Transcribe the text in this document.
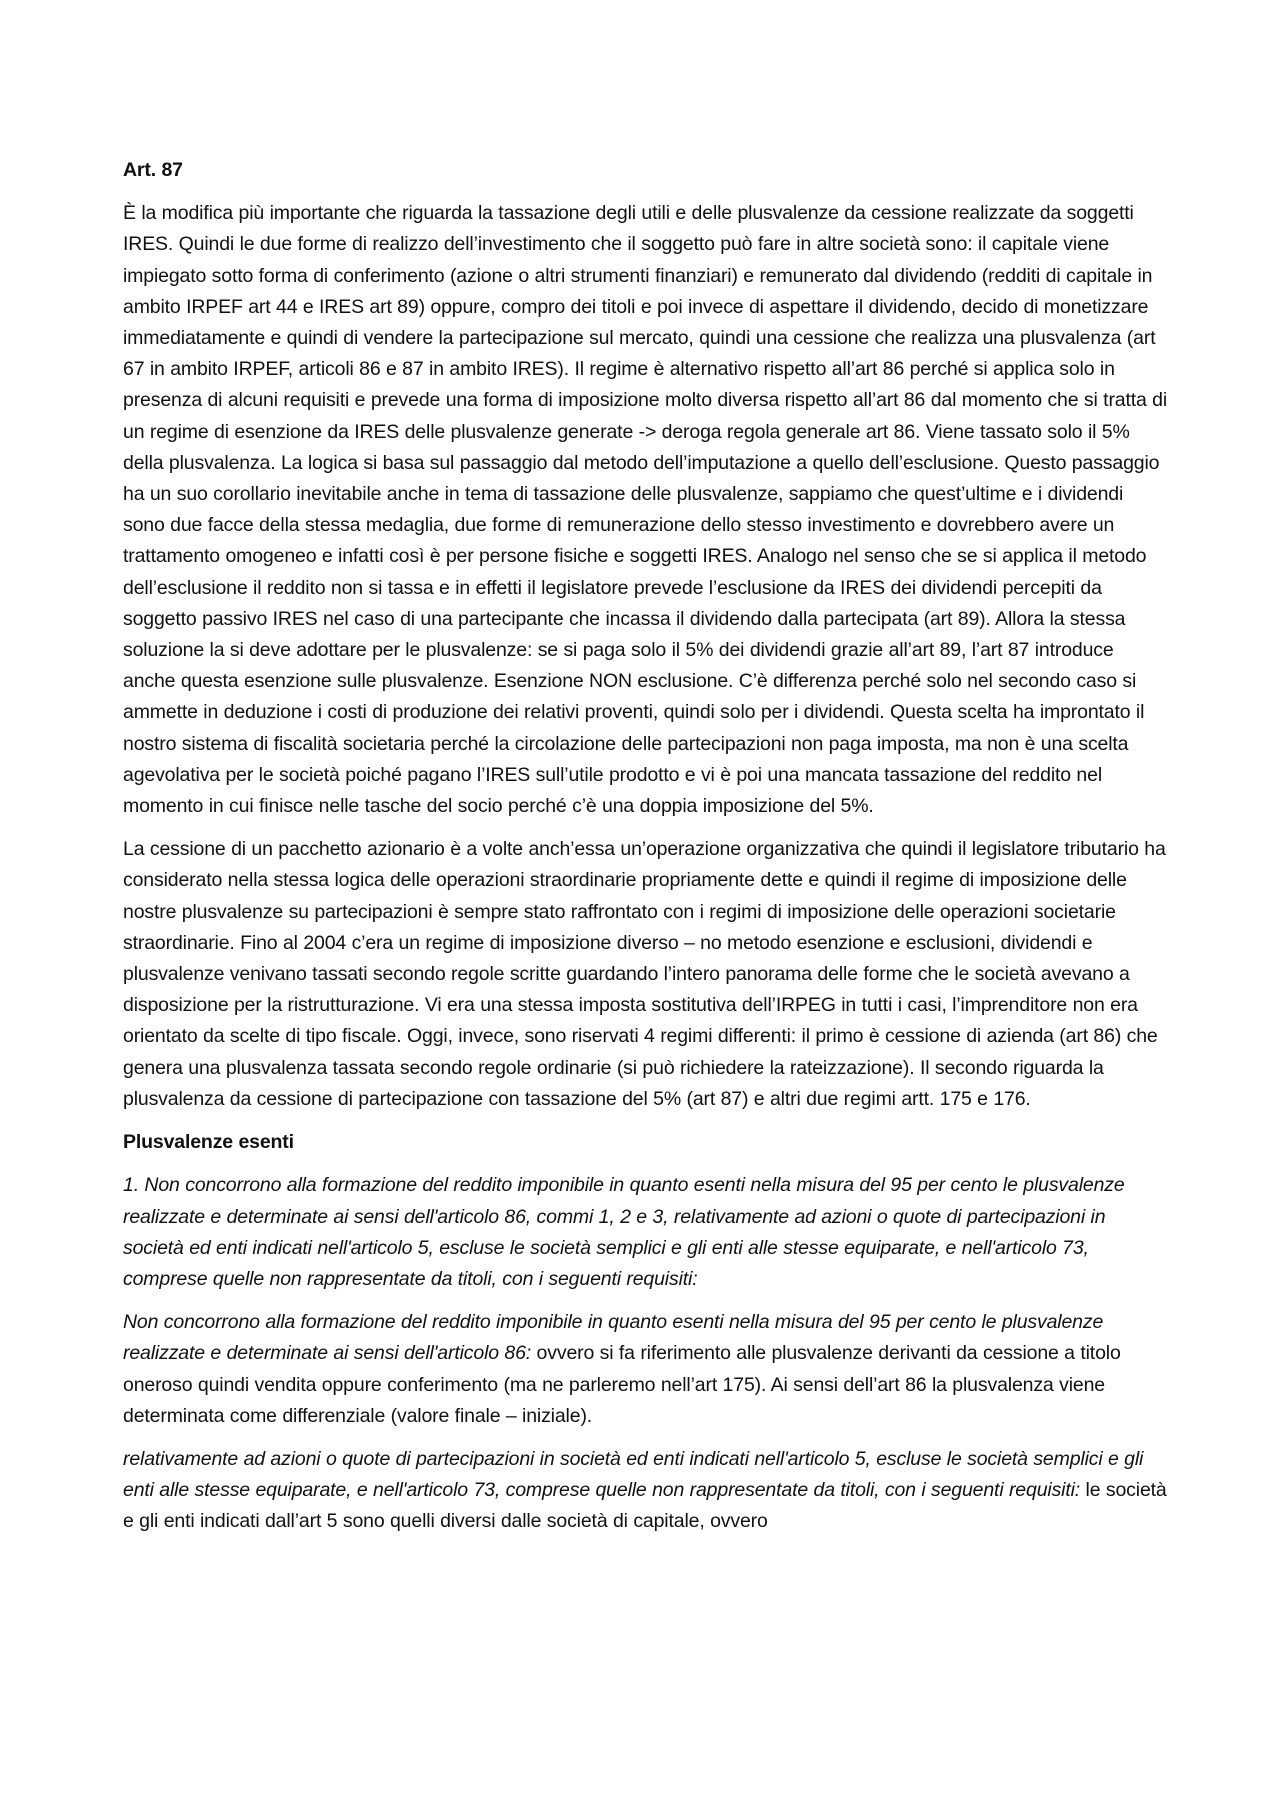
Art. 87

È la modifica più importante che riguarda la tassazione degli utili e delle plusvalenze da cessione realizzate da soggetti IRES. Quindi le due forme di realizzo dell’investimento che il soggetto può fare in altre società sono: il capitale viene impiegato sotto forma di conferimento (azione o altri strumenti finanziari) e remunerato dal dividendo (redditi di capitale in ambito IRPEF art 44 e IRES art 89) oppure, compro dei titoli e poi invece di aspettare il dividendo, decido di monetizzare immediatamente e quindi di vendere la partecipazione sul mercato, quindi una cessione che realizza una plusvalenza (art 67 in ambito IRPEF, articoli 86 e 87 in ambito IRES). Il regime è alternativo rispetto all’art 86 perché si applica solo in presenza di alcuni requisiti e prevede una forma di imposizione molto diversa rispetto all’art 86 dal momento che si tratta di un regime di esenzione da IRES delle plusvalenze generate -> deroga regola generale art 86. Viene tassato solo il 5% della plusvalenza. La logica si basa sul passaggio dal metodo dell’imputazione a quello dell’esclusione. Questo passaggio ha un suo corollario inevitabile anche in tema di tassazione delle plusvalenze, sappiamo che quest’ultime e i dividendi sono due facce della stessa medaglia, due forme di remunerazione dello stesso investimento e dovrebbero avere un trattamento omogeneo e infatti così è per persone fisiche e soggetti IRES. Analogo nel senso che se si applica il metodo dell’esclusione il reddito non si tassa e in effetti il legislatore prevede l’esclusione da IRES dei dividendi percepiti da soggetto passivo IRES nel caso di una partecipante che incassa il dividendo dalla partecipata (art 89). Allora la stessa soluzione la si deve adottare per le plusvalenze: se si paga solo il 5% dei dividendi grazie all’art 89, l’art 87 introduce anche questa esenzione sulle plusvalenze. Esenzione NON esclusione. C’è differenza perché solo nel secondo caso si ammette in deduzione i costi di produzione dei relativi proventi, quindi solo per i dividendi. Questa scelta ha improntato il nostro sistema di fiscalità societaria perché la circolazione delle partecipazioni non paga imposta, ma non è una scelta agevolativa per le società poiché pagano l’IRES sull’utile prodotto e vi è poi una mancata tassazione del reddito nel momento in cui finisce nelle tasche del socio perché c’è una doppia imposizione del 5%.

La cessione di un pacchetto azionario è a volte anch’essa un’operazione organizzativa che quindi il legislatore tributario ha considerato nella stessa logica delle operazioni straordinarie propriamente dette e quindi il regime di imposizione delle nostre plusvalenze su partecipazioni è sempre stato raffrontato con i regimi di imposizione delle operazioni societarie straordinarie. Fino al 2004 c’era un regime di imposizione diverso – no metodo esenzione e esclusioni, dividendi e plusvalenze venivano tassati secondo regole scritte guardando l’intero panorama delle forme che le società avevano a disposizione per la ristrutturazione. Vi era una stessa imposta sostitutiva dell’IRPEG in tutti i casi, l’imprenditore non era orientato da scelte di tipo fiscale. Oggi, invece, sono riservati 4 regimi differenti: il primo è cessione di azienda (art 86) che genera una plusvalenza tassata secondo regole ordinarie (si può richiedere la rateizzazione). Il secondo riguarda la plusvalenza da cessione di partecipazione con tassazione del 5% (art 87) e altri due regimi artt. 175 e 176.

Plusvalenze esenti

1. Non concorrono alla formazione del reddito imponibile in quanto esenti nella misura del 95 per cento le plusvalenze realizzate e determinate ai sensi dell'articolo 86, commi 1, 2 e 3, relativamente ad azioni o quote di partecipazioni in società ed enti indicati nell'articolo 5, escluse le società semplici e gli enti alle stesse equiparate, e nell'articolo 73, comprese quelle non rappresentate da titoli, con i seguenti requisiti:

Non concorrono alla formazione del reddito imponibile in quanto esenti nella misura del 95 per cento le plusvalenze realizzate e determinate ai sensi dell'articolo 86: ovvero si fa riferimento alle plusvalenze derivanti da cessione a titolo oneroso quindi vendita oppure conferimento (ma ne parleremo nell’art 175). Ai sensi dell’art 86 la plusvalenza viene determinata come differenziale (valore finale – iniziale).

relativamente ad azioni o quote di partecipazioni in società ed enti indicati nell'articolo 5, escluse le società semplici e gli enti alle stesse equiparate, e nell'articolo 73, comprese quelle non rappresentate da titoli, con i seguenti requisiti: le società e gli enti indicati dall’art 5 sono quelli diversi dalle società di capitale, ovvero
